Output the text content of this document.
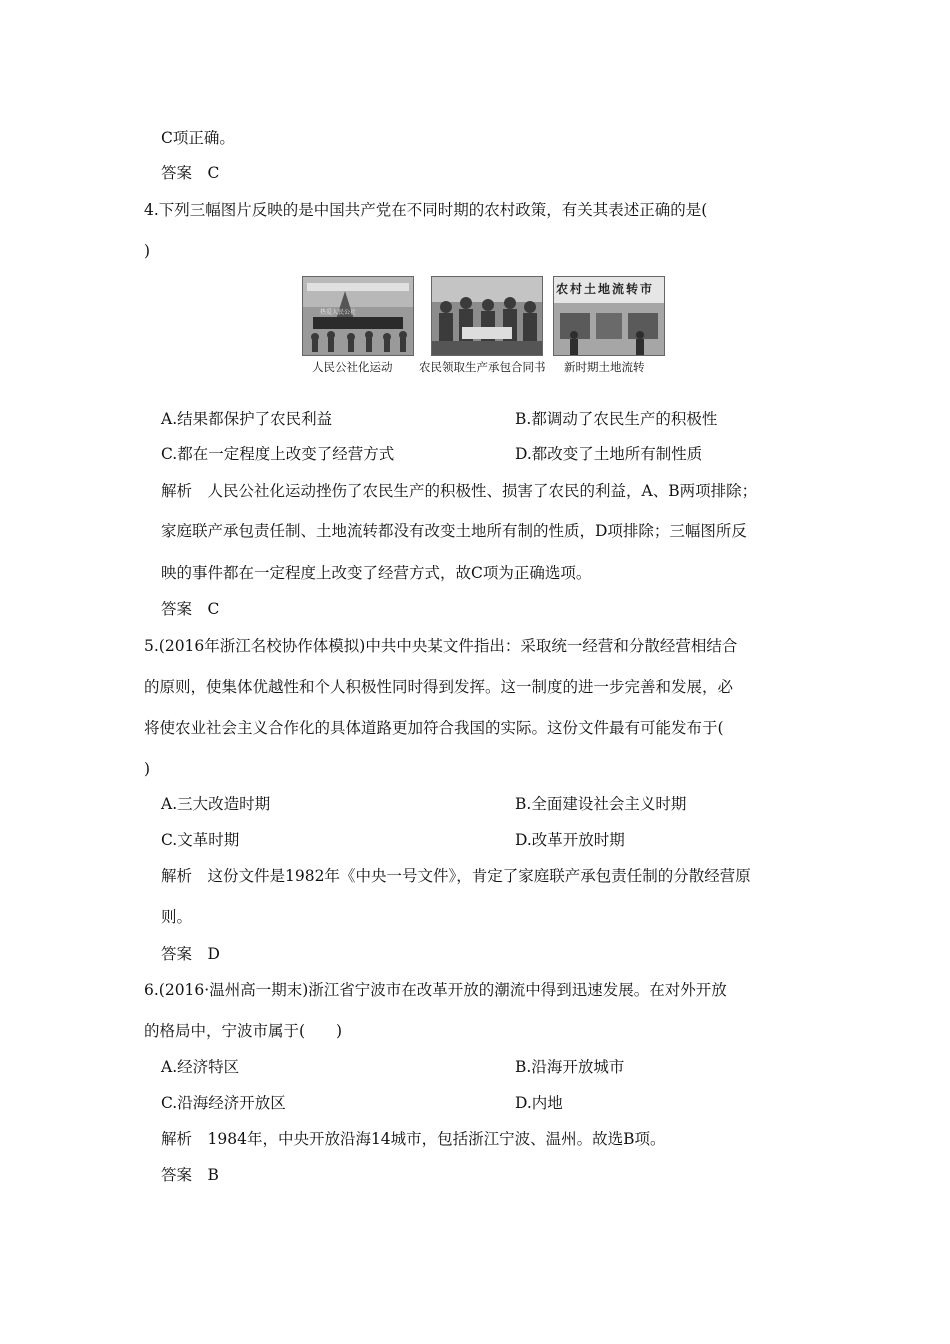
C项正确。
答案　C
4.下列三幅图片反映的是中国共产党在不同时期的农村政策，有关其表述正确的是(
)
热爱人民公社
农村土地流转市
人民公社化运动 农民领取生产承包合同书 新时期土地流转
A.结果都保护了农民利益	B.都调动了农民生产的积极性
C.都在一定程度上改变了经营方式	D.都改变了土地所有制性质
解析　人民公社化运动挫伤了农民生产的积极性、损害了农民的利益，A、B两项排除；
家庭联产承包责任制、土地流转都没有改变土地所有制的性质，D项排除；三幅图所反
映的事件都在一定程度上改变了经营方式，故C项为正确选项。
答案　C
5.(2016年浙江名校协作体模拟)中共中央某文件指出：采取统一经营和分散经营相结合
的原则，使集体优越性和个人积极性同时得到发挥。这一制度的进一步完善和发展，必
将使农业社会主义合作化的具体道路更加符合我国的实际。这份文件最有可能发布于(
)
A.三大改造时期	B.全面建设社会主义时期
C.文革时期	D.改革开放时期
解析　这份文件是1982年《中央一号文件》，肯定了家庭联产承包责任制的分散经营原
则。
答案　D
6.(2016·温州高一期末)浙江省宁波市在改革开放的潮流中得到迅速发展。在对外开放
的格局中，宁波市属于(　　)
A.经济特区	B.沿海开放城市
C.沿海经济开放区	D.内地
解析　1984年，中央开放沿海14城市，包括浙江宁波、温州。故选B项。
答案　B
